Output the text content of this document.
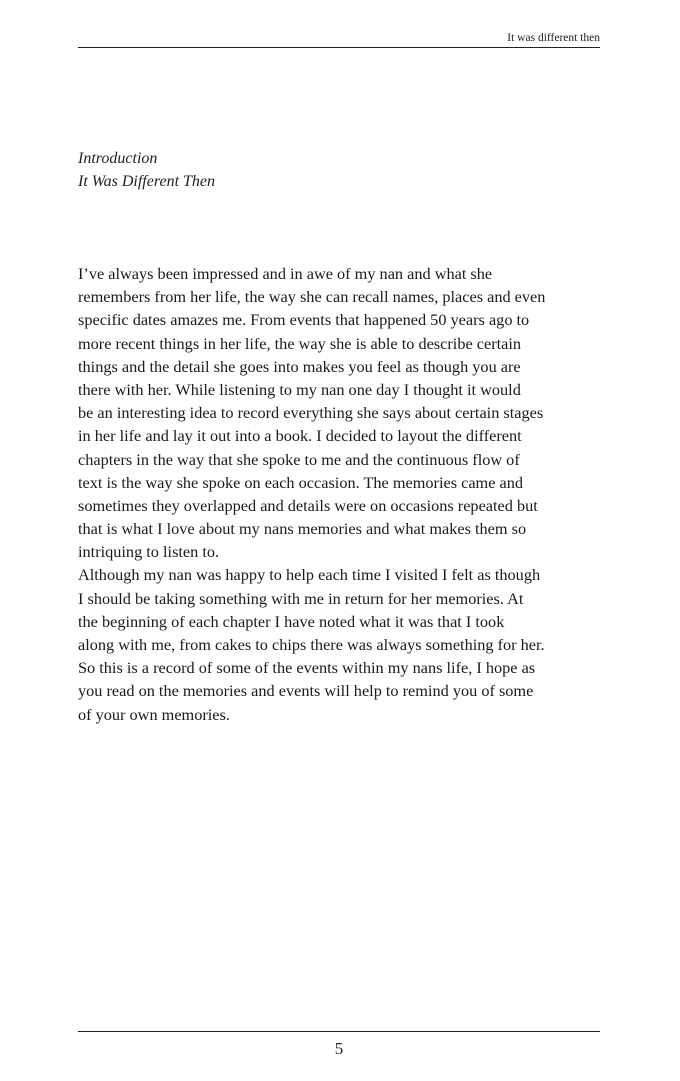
It was different then
Introduction
It Was Different Then
I’ve always been impressed and in awe of my nan and what she
remembers from her life, the way she can recall names, places and even
specific dates amazes me. From events that happened 50 years ago to
more recent things in her life, the way she is able to describe certain
things and the detail she goes into makes you feel as though you are
there with her. While listening to my nan one day I thought it would
be an interesting idea to record everything she says about certain stages
in her life and lay it out into a book. I decided to layout the different
chapters in the way that she spoke to me and the continuous flow of
text is the way she spoke on each occasion. The memories came and
sometimes they overlapped and details were on occasions repeated but
that is what I love about my nans memories and what makes them so
intriquing to listen to.
Although my nan was happy to help each time I visited I felt as though
I should be taking something with me in return for her memories. At
the beginning of each chapter I have noted what it was that I took
along with me, from cakes to chips there was always something for her.
So this is a record of some of the events within my nans life, I hope as
you read on the memories and events will help to remind you of some
of your own memories.
5
